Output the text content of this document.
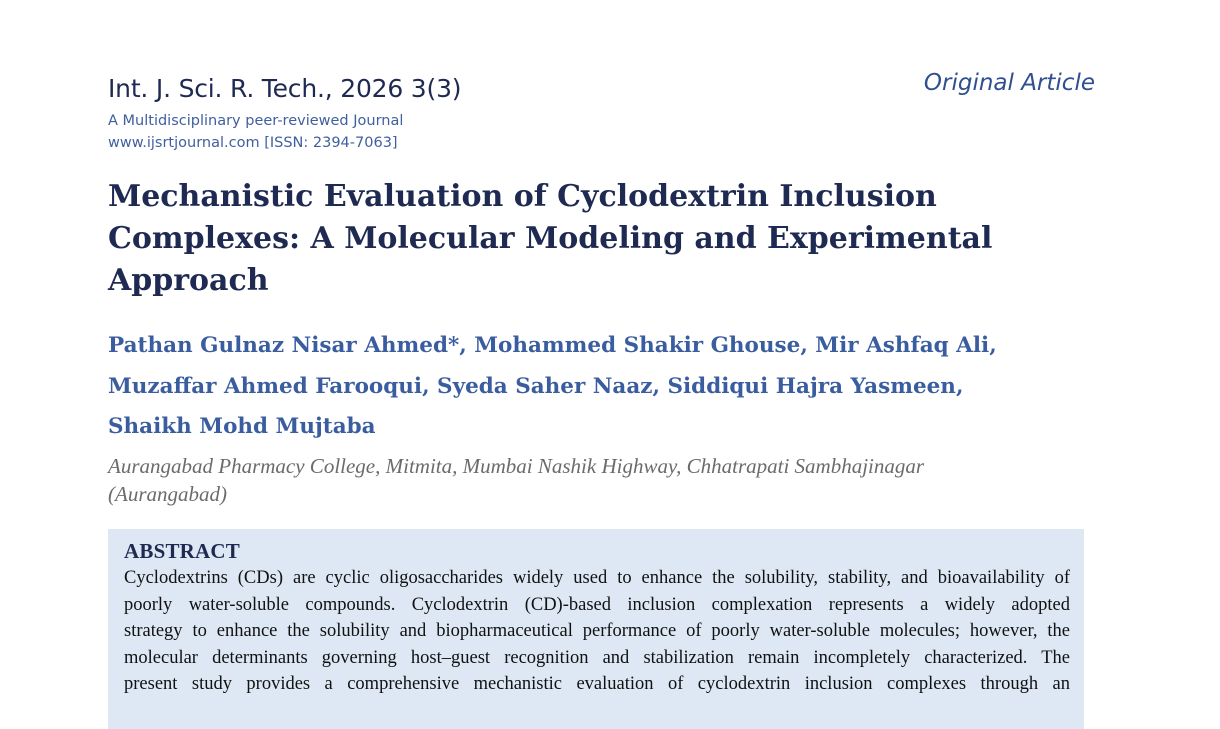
Int. J. Sci. R. Tech., 2026 3(3)	Original Article
A Multidisciplinary peer-reviewed Journal
www.ijsrtjournal.com [ISSN: 2394-7063]
Mechanistic Evaluation of Cyclodextrin Inclusion
Complexes: A Molecular Modeling and Experimental
Approach
Pathan Gulnaz Nisar Ahmed*, Mohammed Shakir Ghouse, Mir Ashfaq Ali,
Muzaffar Ahmed Farooqui, Syeda Saher Naaz, Siddiqui Hajra Yasmeen,
Shaikh Mohd Mujtaba
Aurangabad Pharmacy College, Mitmita, Mumbai Nashik Highway, Chhatrapati Sambhajinagar
(Aurangabad)
ABSTRACT
Cyclodextrins (CDs) are cyclic oligosaccharides widely used to enhance the solubility, stability, and bioavailability of
poorly water-soluble compounds. Cyclodextrin (CD)-based inclusion complexation represents a widely adopted
strategy to enhance the solubility and biopharmaceutical performance of poorly water-soluble molecules; however, the
molecular determinants governing host–guest recognition and stabilization remain incompletely characterized. The
present study provides a comprehensive mechanistic evaluation of cyclodextrin inclusion complexes through an
